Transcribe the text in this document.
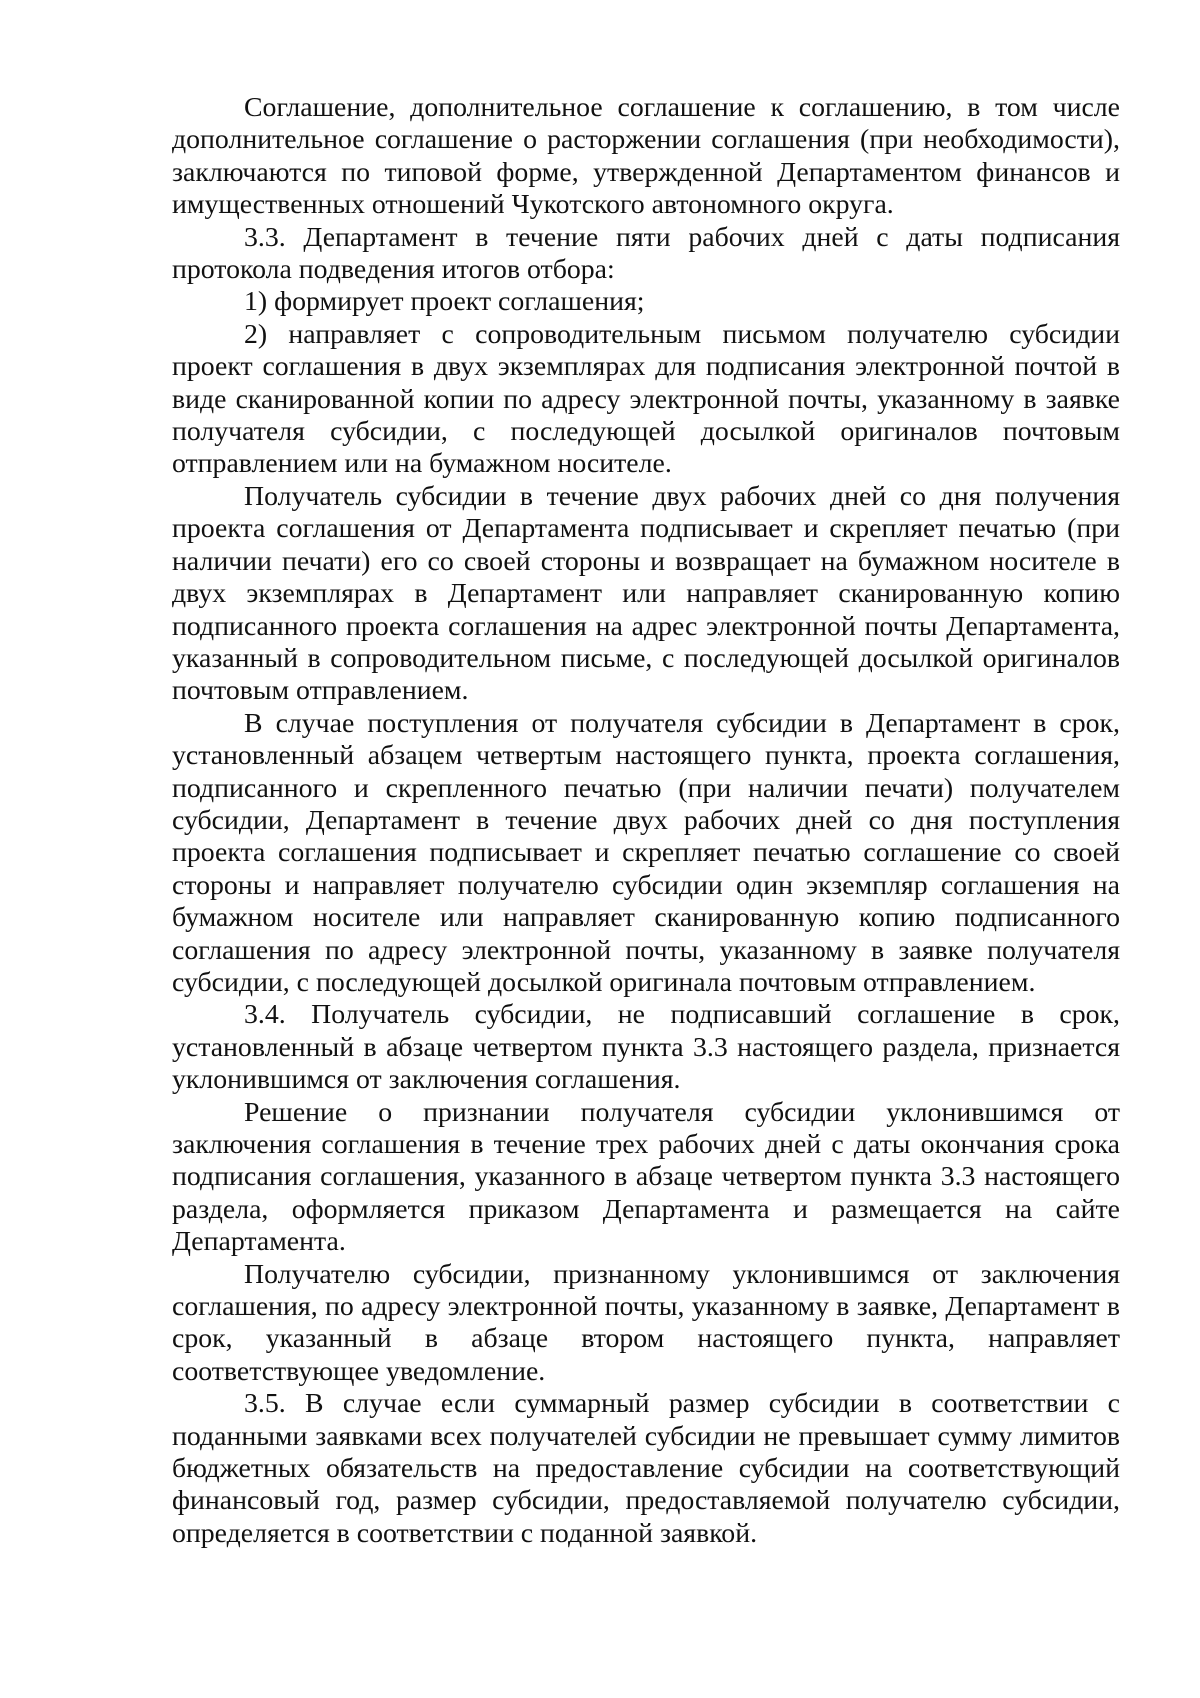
Соглашение, дополнительное соглашение к соглашению, в том числе дополнительное соглашение о расторжении соглашения (при необходимости), заключаются по типовой форме, утвержденной Департаментом финансов и имущественных отношений Чукотского автономного округа.

3.3. Департамент в течение пяти рабочих дней с даты подписания протокола подведения итогов отбора:

1) формирует проект соглашения;

2) направляет с сопроводительным письмом получателю субсидии проект соглашения в двух экземплярах для подписания электронной почтой в виде сканированной копии по адресу электронной почты, указанному в заявке получателя субсидии, с последующей досылкой оригиналов почтовым отправлением или на бумажном носителе.

Получатель субсидии в течение двух рабочих дней со дня получения проекта соглашения от Департамента подписывает и скрепляет печатью (при наличии печати) его со своей стороны и возвращает на бумажном носителе в двух экземплярах в Департамент или направляет сканированную копию подписанного проекта соглашения на адрес электронной почты Департамента, указанный в сопроводительном письме, с последующей досылкой оригиналов почтовым отправлением.

В случае поступления от получателя субсидии в Департамент в срок, установленный абзацем четвертым настоящего пункта, проекта соглашения, подписанного и скрепленного печатью (при наличии печати) получателем субсидии, Департамент в течение двух рабочих дней со дня поступления проекта соглашения подписывает и скрепляет печатью соглашение со своей стороны и направляет получателю субсидии один экземпляр соглашения на бумажном носителе или направляет сканированную копию подписанного соглашения по адресу электронной почты, указанному в заявке получателя субсидии, с последующей досылкой оригинала почтовым отправлением.

3.4. Получатель субсидии, не подписавший соглашение в срок, установленный в абзаце четвертом пункта 3.3 настоящего раздела, признается уклонившимся от заключения соглашения.

Решение о признании получателя субсидии уклонившимся от заключения соглашения в течение трех рабочих дней с даты окончания срока подписания соглашения, указанного в абзаце четвертом пункта 3.3 настоящего раздела, оформляется приказом Департамента и размещается на сайте Департамента.

Получателю субсидии, признанному уклонившимся от заключения соглашения, по адресу электронной почты, указанному в заявке, Департамент в срок, указанный в абзаце втором настоящего пункта, направляет соответствующее уведомление.

3.5. В случае если суммарный размер субсидии в соответствии с поданными заявками всех получателей субсидии не превышает сумму лимитов бюджетных обязательств на предоставление субсидии на соответствующий финансовый год, размер субсидии, предоставляемой получателю субсидии, определяется в соответствии с поданной заявкой.
